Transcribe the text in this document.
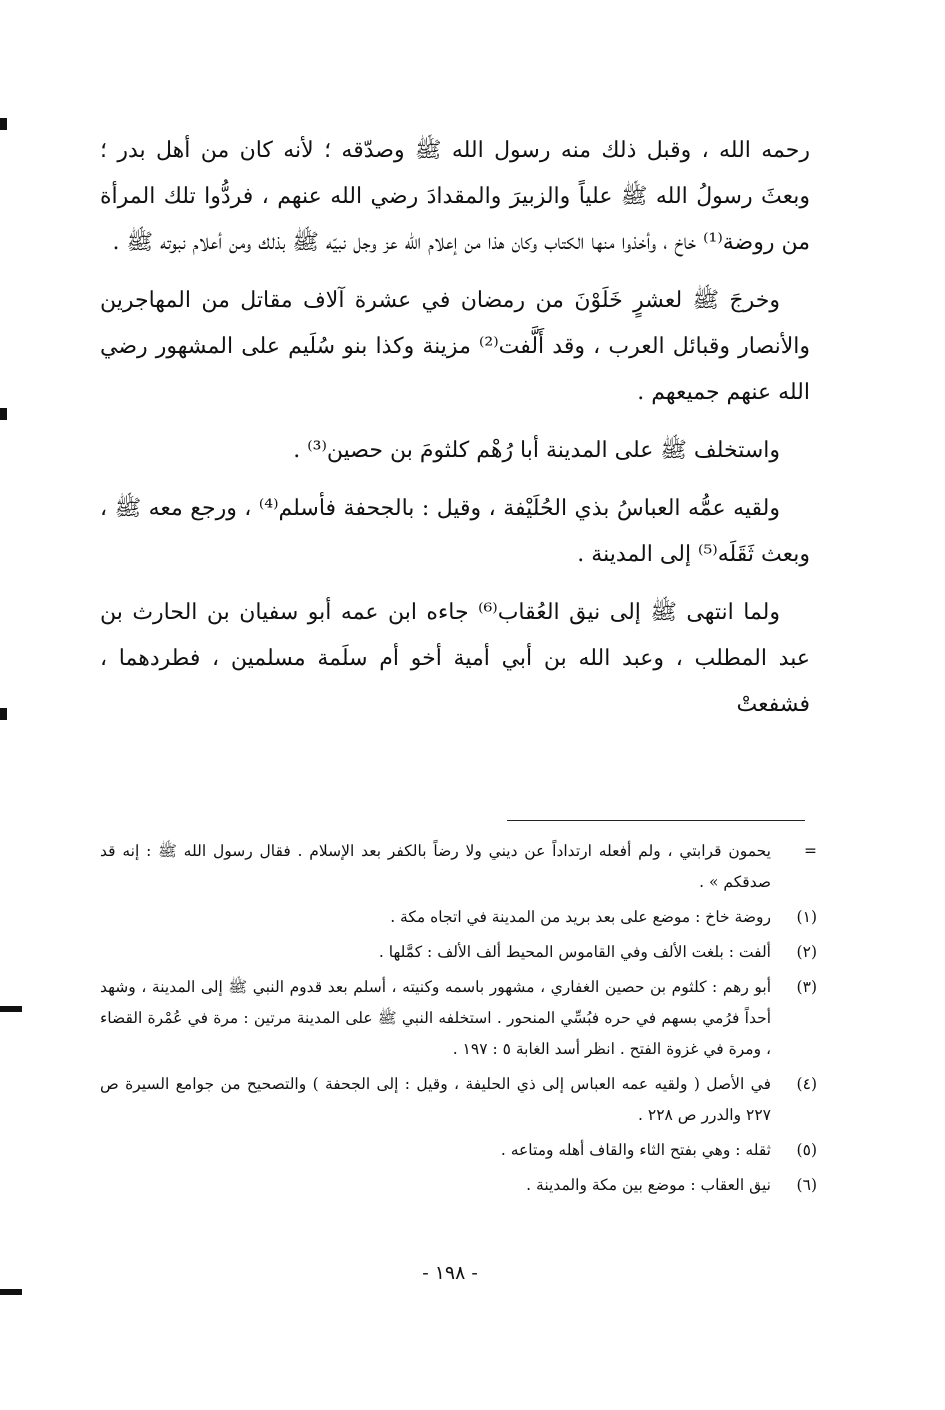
رحمه الله ، وقبل ذلك منه رسول الله ﷺ وصدّقه ؛ لأنه كان من أهل بدر ؛ وبعثَ رسولُ الله ﷺ علياً والزبيرَ والمقدادَ رضي الله عنهم ، فردُّوا تلك المرأة من روضة⁽¹⁾ خاخ ، وأخذوا منها الكتاب وكان هذا من إعلام الله عز وجل نبيّه ﷺ بذلك ومن أعلام نبوته ﷺ .

وخرجَ ﷺ لعشرٍ خَلَوْنَ من رمضان في عشرة آلاف مقاتل من المهاجرين والأنصار وقبائل العرب ، وقد أَلَّفت⁽²⁾ مزينة وكذا بنو سُلَيم على المشهور رضي الله عنهم جميعهم .

واستخلف ﷺ على المدينة أبا رُهْم كلثومَ بن حصين⁽³⁾ .

ولقيه عمُّه العباسُ بذي الحُلَيْفة ، وقيل : بالجحفة فأسلم⁽⁴⁾ ، ورجع معه ﷺ ، وبعث ثَقَلَه⁽⁵⁾ إلى المدينة .

ولما انتهى ﷺ إلى نيق العُقاب⁽⁶⁾ جاءه ابن عمه أبو سفيان بن الحارث بن عبد المطلب ، وعبد الله بن أبي أمية أخو أم سلَمة مسلمين ، فطردهما ، فشفعتْ

=
يحمون قرابتي ، ولم أفعله ارتداداً عن ديني ولا رضاً بالكفر بعد الإسلام . فقال رسول الله ﷺ : إنه قد صدقكم » .
(١)
روضة خاخ : موضع على بعد بريد من المدينة في اتجاه مكة .
(٢)
ألفت : بلغت الألف وفي القاموس المحيط ألف الألف : كمَّلها .
(٣)
أبو رهم : كلثوم بن حصين الغفاري ، مشهور باسمه وكنيته ، أسلم بعد قدوم النبي ﷺ إلى المدينة ، وشهد أحداً فرُمي بسهم في حره فبُسِّي المنحور . استخلفه النبي ﷺ على المدينة مرتين : مرة في عُمْرة القضاء ، ومرة في غزوة الفتح . انظر أسد الغابة ٥ : ١٩٧ .
(٤)
في الأصل ( ولقيه عمه العباس إلى ذي الحليفة ، وقيل : إلى الجحفة ) والتصحيح من جوامع السيرة ص ٢٢٧ والدرر ص ٢٢٨ .
(٥)
ثقله : وهي بفتح الثاء والقاف أهله ومتاعه .
(٦)
نيق العقاب : موضع بين مكة والمدينة .
- ١٩٨ -
